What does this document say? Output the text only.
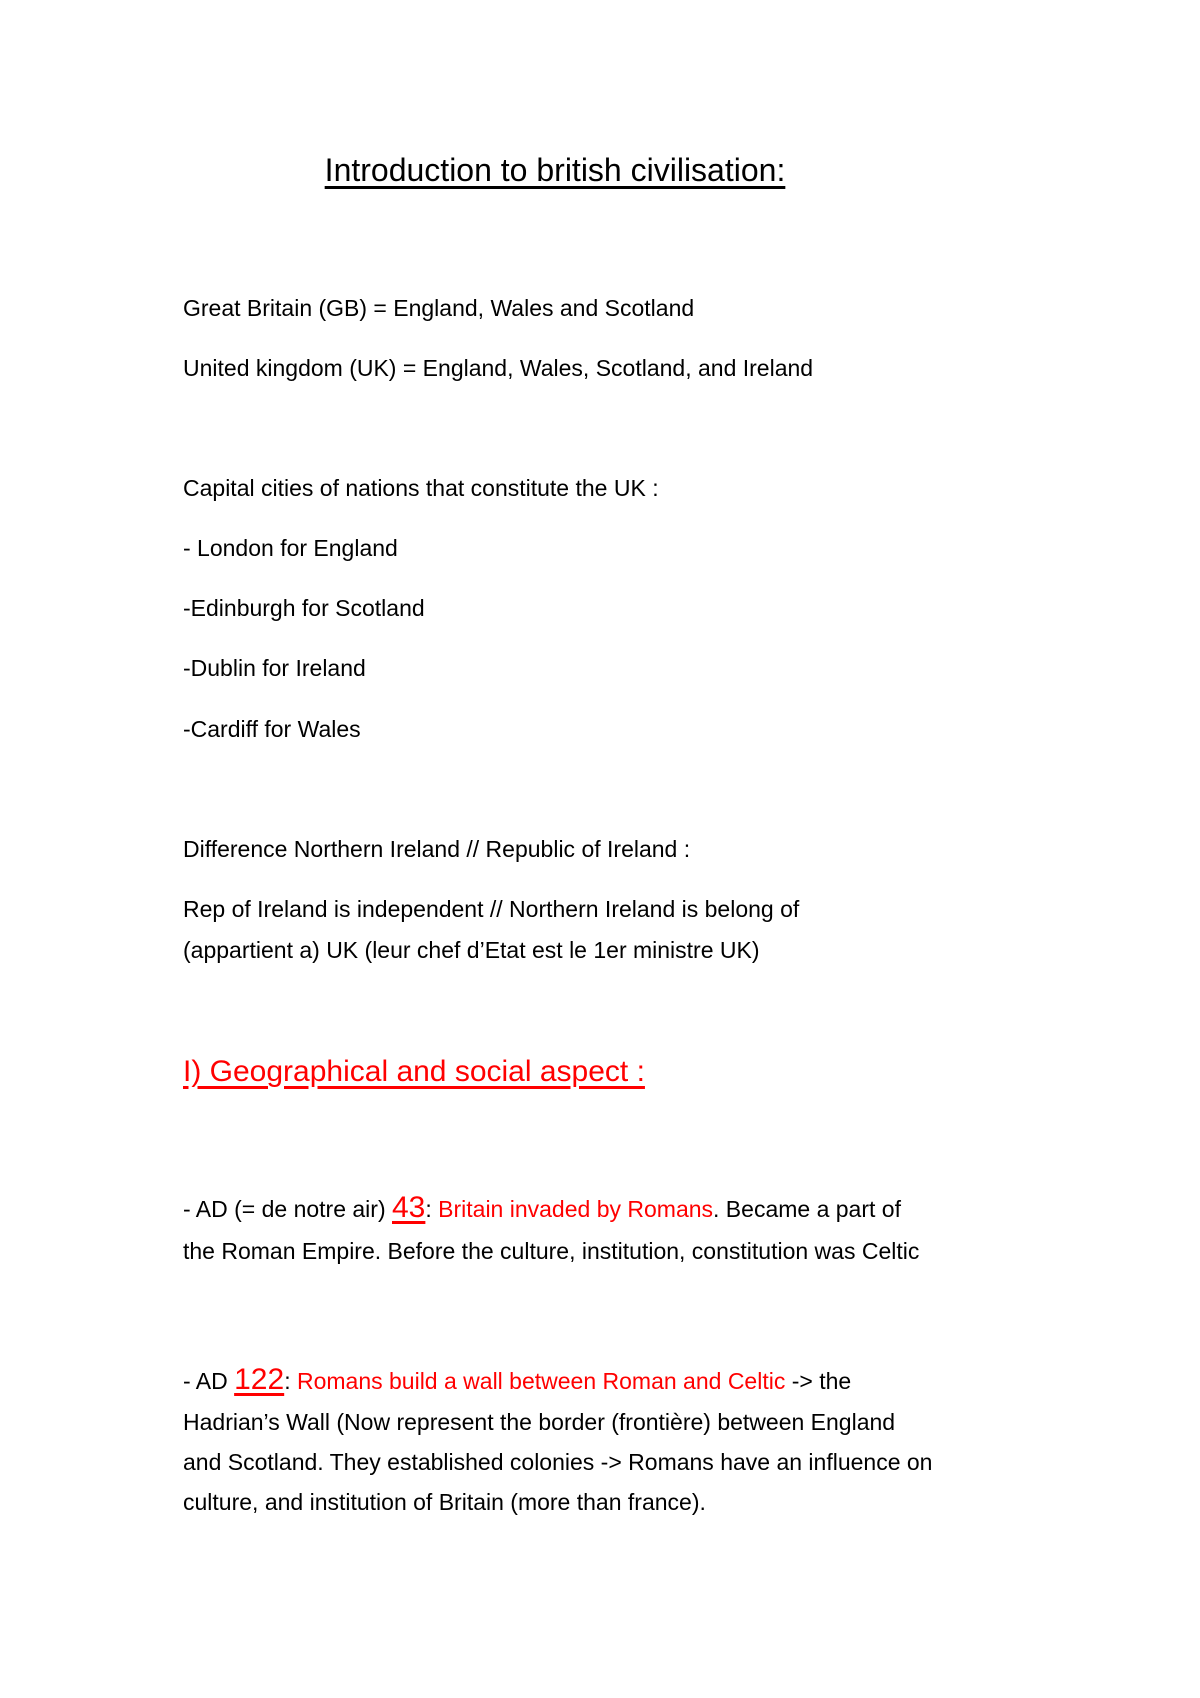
Introduction to british civilisation:
Great Britain (GB) = England, Wales and Scotland
United kingdom (UK) = England, Wales, Scotland, and Ireland
Capital cities of nations that constitute the UK :
- London for England
-Edinburgh for Scotland
-Dublin for Ireland
-Cardiff for Wales
Difference Northern Ireland // Republic of Ireland :
Rep of Ireland is independent // Northern Ireland is belong of
(appartient a) UK (leur chef d’Etat est le 1er ministre UK)
I) Geographical and social aspect :
- AD (= de notre air) 43: Britain invaded by Romans. Became a part of
the Roman Empire. Before the culture, institution, constitution was Celtic
- AD 122: Romans build a wall between Roman and Celtic -> the
Hadrian’s Wall (Now represent the border (frontière) between England
and Scotland. They established colonies -> Romans have an influence on
culture, and institution of Britain (more than france).
